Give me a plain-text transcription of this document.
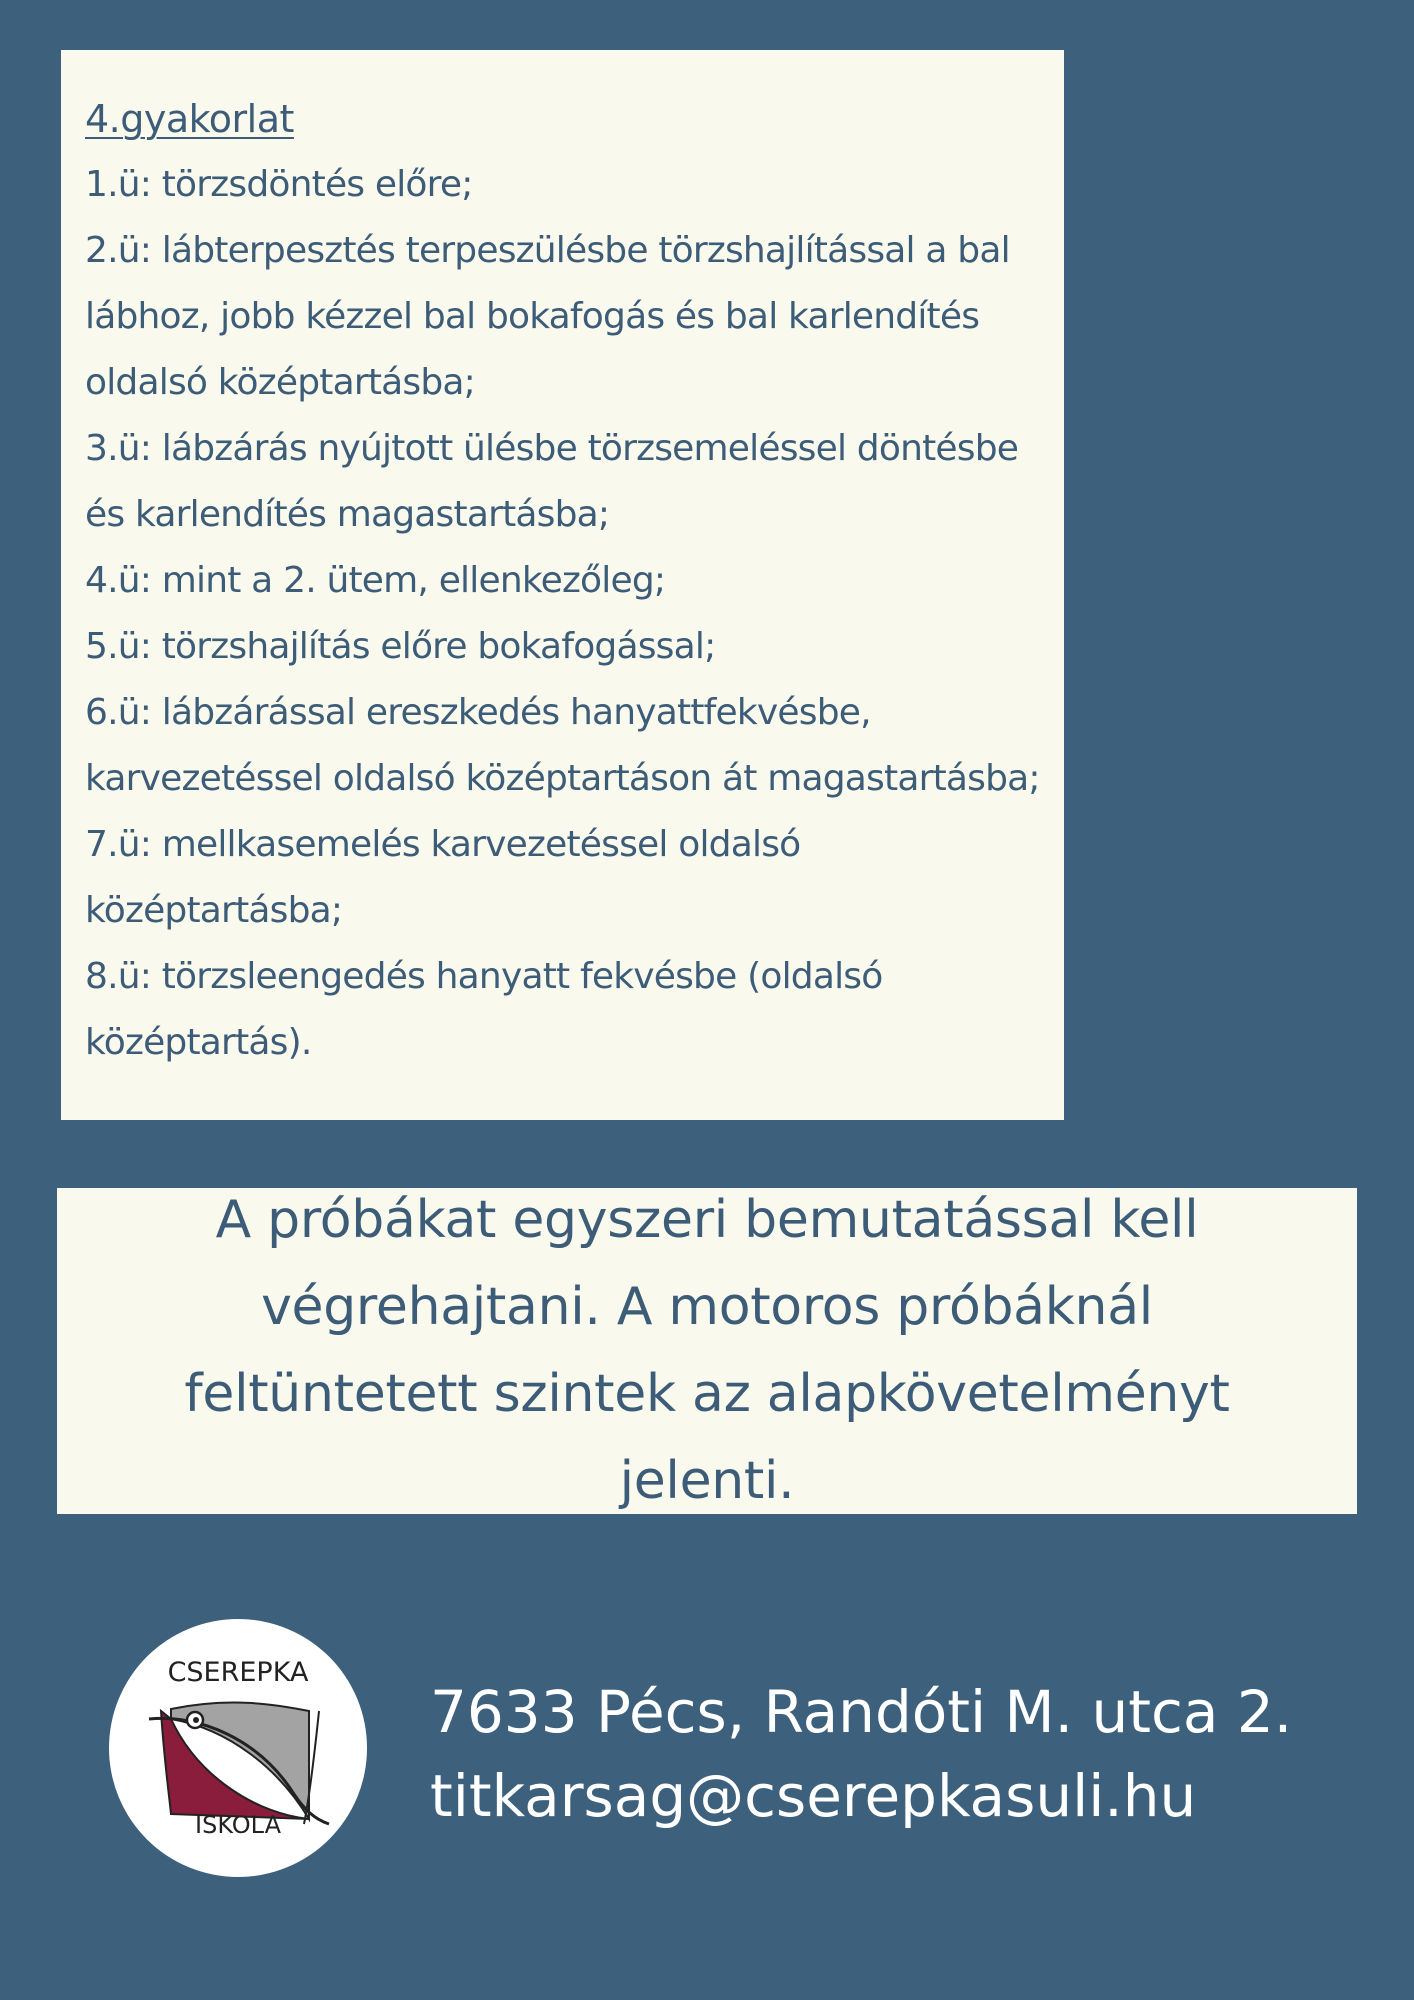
4.gyakorlat
1.ü: törzsdöntés előre;
2.ü: lábterpesztés terpeszülésbe törzshajlítással a bal
lábhoz, jobb kézzel bal bokafogás és bal karlendítés
oldalsó középtartásba;
3.ü: lábzárás nyújtott ülésbe törzsemeléssel döntésbe
és karlendítés magastartásba;
4.ü: mint a 2. ütem, ellenkezőleg;
5.ü: törzshajlítás előre bokafogással;
6.ü: lábzárással ereszkedés hanyattfekvésbe,
karvezetéssel oldalsó középtartáson át magastartásba;
7.ü: mellkasemelés karvezetéssel oldalsó
középtartásba;
8.ü: törzsleengedés hanyatt fekvésbe (oldalsó
középtartás).

A próbákat egyszeri bemutatással kell végrehajtani. A motoros próbáknál feltüntetett szintek az alapkövetelményt jelenti.

CSEREPKA
ISKOLA
7633 Pécs, Randóti M. utca 2.
titkarsag@cserepkasuli.hu
